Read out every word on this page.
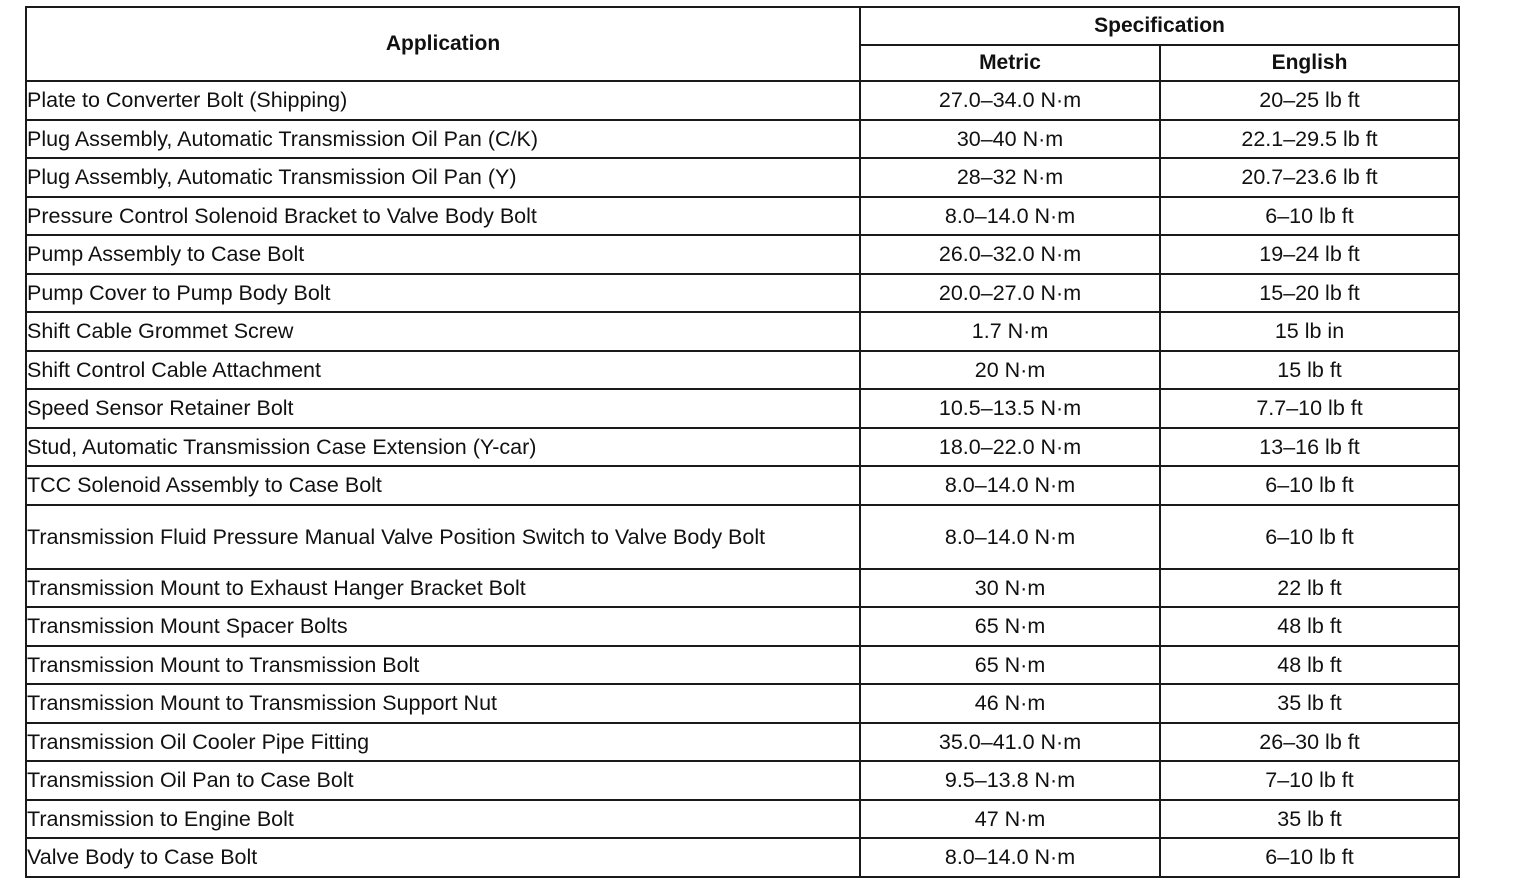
Application	Specification	
	Metric	English
Plate to Converter Bolt (Shipping)	27.0–34.0 N·m	20–25 lb ft
Plug Assembly, Automatic Transmission Oil Pan (C/K)	30–40 N·m	22.1–29.5 lb ft
Plug Assembly, Automatic Transmission Oil Pan (Y)	28–32 N·m	20.7–23.6 lb ft
Pressure Control Solenoid Bracket to Valve Body Bolt	8.0–14.0 N·m	6–10 lb ft
Pump Assembly to Case Bolt	26.0–32.0 N·m	19–24 lb ft
Pump Cover to Pump Body Bolt	20.0–27.0 N·m	15–20 lb ft
Shift Cable Grommet Screw	1.7 N·m	15 lb in
Shift Control Cable Attachment	20 N·m	15 lb ft
Speed Sensor Retainer Bolt	10.5–13.5 N·m	7.7–10 lb ft
Stud, Automatic Transmission Case Extension (Y-car)	18.0–22.0 N·m	13–16 lb ft
TCC Solenoid Assembly to Case Bolt	8.0–14.0 N·m	6–10 lb ft
Transmission Fluid Pressure Manual Valve Position Switch to Valve Body Bolt	8.0–14.0 N·m	6–10 lb ft
Transmission Mount to Exhaust Hanger Bracket Bolt	30 N·m	22 lb ft
Transmission Mount Spacer Bolts	65 N·m	48 lb ft
Transmission Mount to Transmission Bolt	65 N·m	48 lb ft
Transmission Mount to Transmission Support Nut	46 N·m	35 lb ft
Transmission Oil Cooler Pipe Fitting	35.0–41.0 N·m	26–30 lb ft
Transmission Oil Pan to Case Bolt	9.5–13.8 N·m	7–10 lb ft
Transmission to Engine Bolt	47 N·m	35 lb ft
Valve Body to Case Bolt	8.0–14.0 N·m	6–10 lb ft
